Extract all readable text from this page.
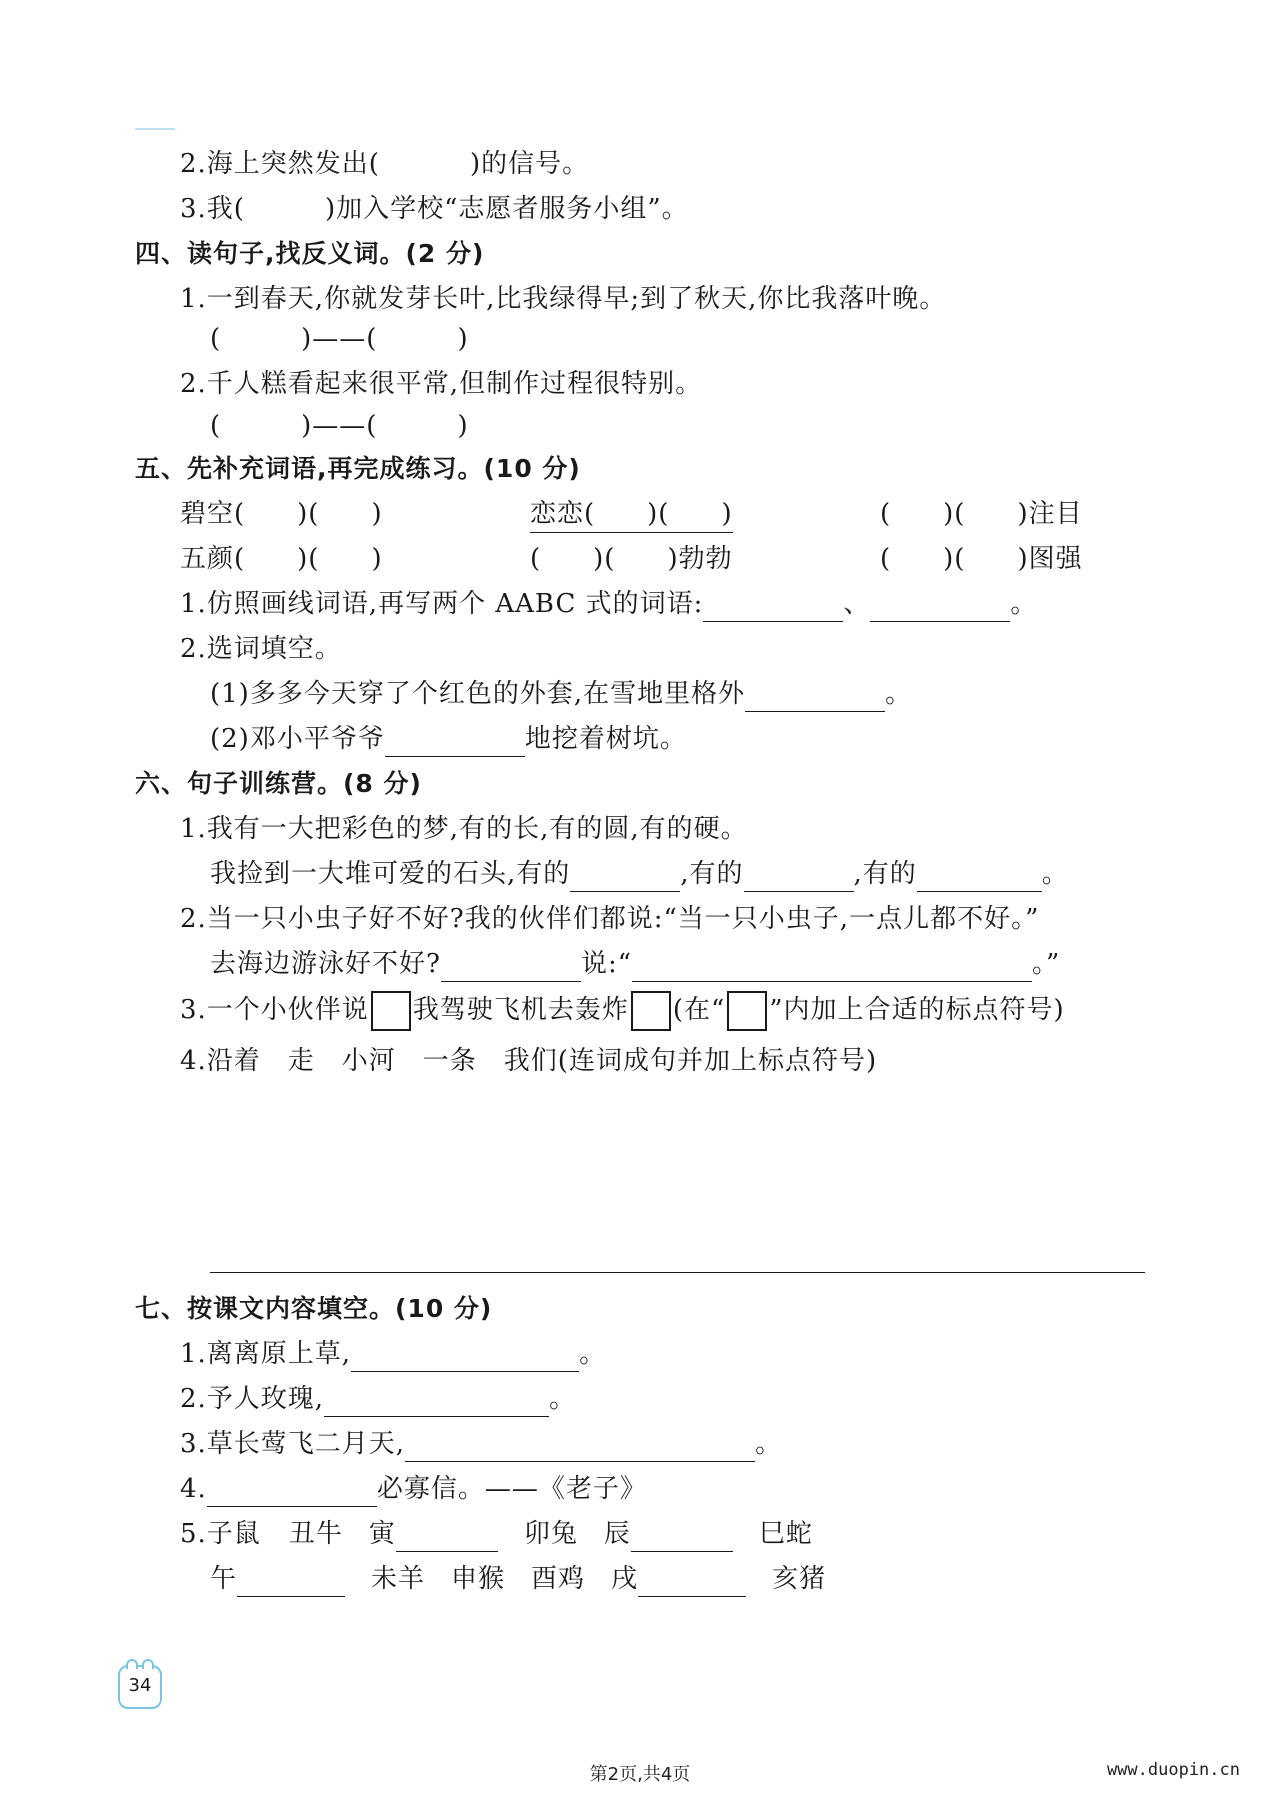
2.海上突然发出(	)的信号。
3.我(	)加入学校“志愿者服务小组”。
四、读句子,找反义词。(2 分)
1.一到春天,你就发芽长叶,比我绿得早;到了秋天,你比我落叶晚。
(	)——(	)
2.千人糕看起来很平常,但制作过程很特别。
(	)——(	)
五、先补充词语,再完成练习。(10 分)
碧空( )( )	恋恋( )( )	( )( )注目
五颜( )( )	( )( )勃勃	( )( )图强
1.仿照画线词语,再写两个 AABC 式的词语:	、	。
2.选词填空。
(1)多多今天穿了个红色的外套,在雪地里格外	。
(2)邓小平爷爷	地挖着树坑。
六、句子训练营。(8 分)
1.我有一大把彩色的梦,有的长,有的圆,有的硬。
我捡到一大堆可爱的石头,有的	,有的	,有的	。
2.当一只小虫子好不好?我的伙伴们都说:“当一只小虫子,一点儿都不好。”
去海边游泳好不好?	说:“	。”
3.一个小伙伴说 我驾驶飞机去轰炸 (在“ ”内加上合适的标点符号)
4.沿着　走　小河　一条　我们(连词成句并加上标点符号)
七、按课文内容填空。(10 分)
1.离离原上草,	。
2.予人玫瑰,	。
3.草长莺飞二月天,	。
4.	必寡信。——《老子》
5.子鼠 丑牛 寅	卯兔 辰	巳蛇
午	未羊 申猴 酉鸡 戌	亥猪
34
第2页,共4页	www.duopin.cn
